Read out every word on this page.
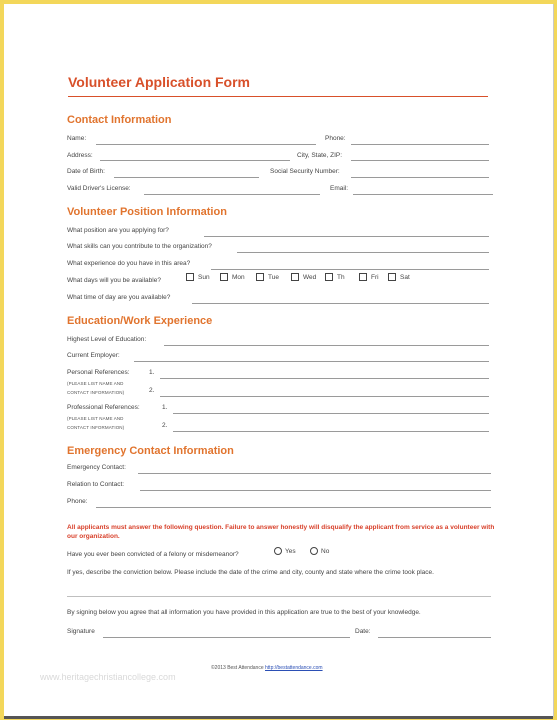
Volunteer Application Form
Contact Information
Name:	Phone:
Address:	City, State, ZIP:
Date of Birth:	Social Security Number:
Valid Driver's License:	Email:
Volunteer Position Information
What position are you applying for?
What skills can you contribute to the organization?
What experience do you have in this area?
What days will you be available?	Sun	Mon	Tue	Wed	Th	Fri	Sat
What time of day are you available?
Education/Work Experience
Highest Level of Education:
Current Employer:
Personal References:
(PLEASE LIST NAME AND
CONTACT INFORMATION)
1.
2.
Professional References:
(PLEASE LIST NAME AND
CONTACT INFORMATION)
1.
2.
Emergency Contact Information
Emergency Contact:
Relation to Contact:
Phone:
All applicants must answer the following question. Failure to answer honestly will disqualify the applicant from service as a volunteer with our organization.
Have you ever been convicted of a felony or misdemeanor?	Yes	No
If yes, describe the conviction below. Please include the date of the crime and city, county and state where the crime took place.
By signing below you agree that all information you have provided in this application are true to the best of your knowledge.
Signature	Date:
©2013 Best Attendance http://bestattendance.com
www.heritagechristiancollege.com
